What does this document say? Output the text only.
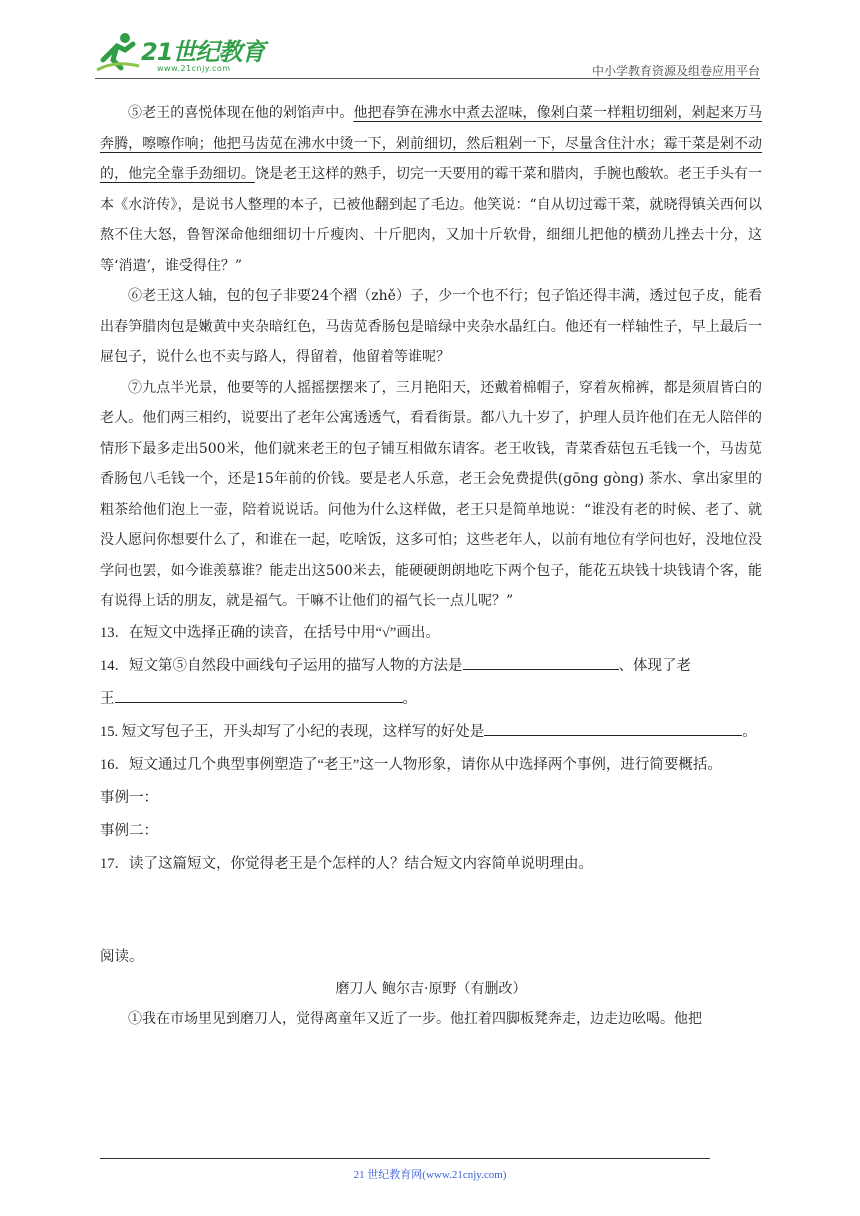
21世纪教育
www.21cnjy.com	中小学教育资源及组卷应用平台

⑤老王的喜悦体现在他的剁馅声中。他把春笋在沸水中煮去涩味，像剁白菜一样粗切细剁，剁起来万马奔腾，嚓嚓作响；他把马齿苋在沸水中烫一下，剁前细切，然后粗剁一下，尽量含住汁水；霉干菜是剁不动的，他完全靠手劲细切。饶是老王这样的熟手，切完一天要用的霉干菜和腊肉，手腕也酸软。老王手头有一本《水浒传》，是说书人整理的本子，已被他翻到起了毛边。他笑说：“自从切过霉干菜，就晓得镇关西何以熬不住大怒，鲁智深命他细细切十斤瘦肉、十斤肥肉，又加十斤软骨，细细儿把他的横劲儿挫去十分，这等‘消遣’，谁受得住？”

⑥老王这人轴，包的包子非要24个褶（zhě）子，少一个也不行；包子馅还得丰满，透过包子皮，能看出春笋腊肉包是嫩黄中夹杂暗红色，马齿苋香肠包是暗绿中夹杂水晶红白。他还有一样轴性子，早上最后一屉包子，说什么也不卖与路人，得留着，他留着等谁呢？

⑦九点半光景，他要等的人摇摇摆摆来了，三月艳阳天，还戴着棉帽子，穿着灰棉裤，都是须眉皆白的老人。他们两三相约，说要出了老年公寓透透气，看看街景。都八九十岁了，护理人员许他们在无人陪伴的情形下最多走出500米，他们就来老王的包子铺互相做东请客。老王收钱，青菜香菇包五毛钱一个，马齿苋香肠包八毛钱一个，还是15年前的价钱。要是老人乐意，老王会免费提供(gōng gòng) 茶水、拿出家里的粗茶给他们泡上一壶，陪着说说话。问他为什么这样做，老王只是简单地说：“谁没有老的时候、老了、就没人愿问你想要什么了，和谁在一起，吃啥饭，这多可怕；这些老年人，以前有地位有学问也好，没地位没学问也罢，如今谁羡慕谁？能走出这500米去，能硬硬朗朗地吃下两个包子，能花五块钱十块钱请个客，能有说得上话的朋友，就是福气。干嘛不让他们的福气长一点儿呢？”

13．在短文中选择正确的读音，在括号中用“√”画出。

14．短文第⑤自然段中画线句子运用的描写人物的方法是	、体现了老

王	。

15. 短文写包子王，开头却写了小纪的表现，这样写的好处是	。

16．短文通过几个典型事例塑造了“老王”这一人物形象，请你从中选择两个事例，进行简要概括。

事例一：

事例二：

17．读了这篇短文，你觉得老王是个怎样的人？结合短文内容简单说明理由。

阅读。

磨刀人 鲍尔吉·原野（有删改）

①我在市场里见到磨刀人，觉得离童年又近了一步。他扛着四脚板凳奔走，边走边吆喝。他把

21 世纪教育网(www.21cnjy.com)
